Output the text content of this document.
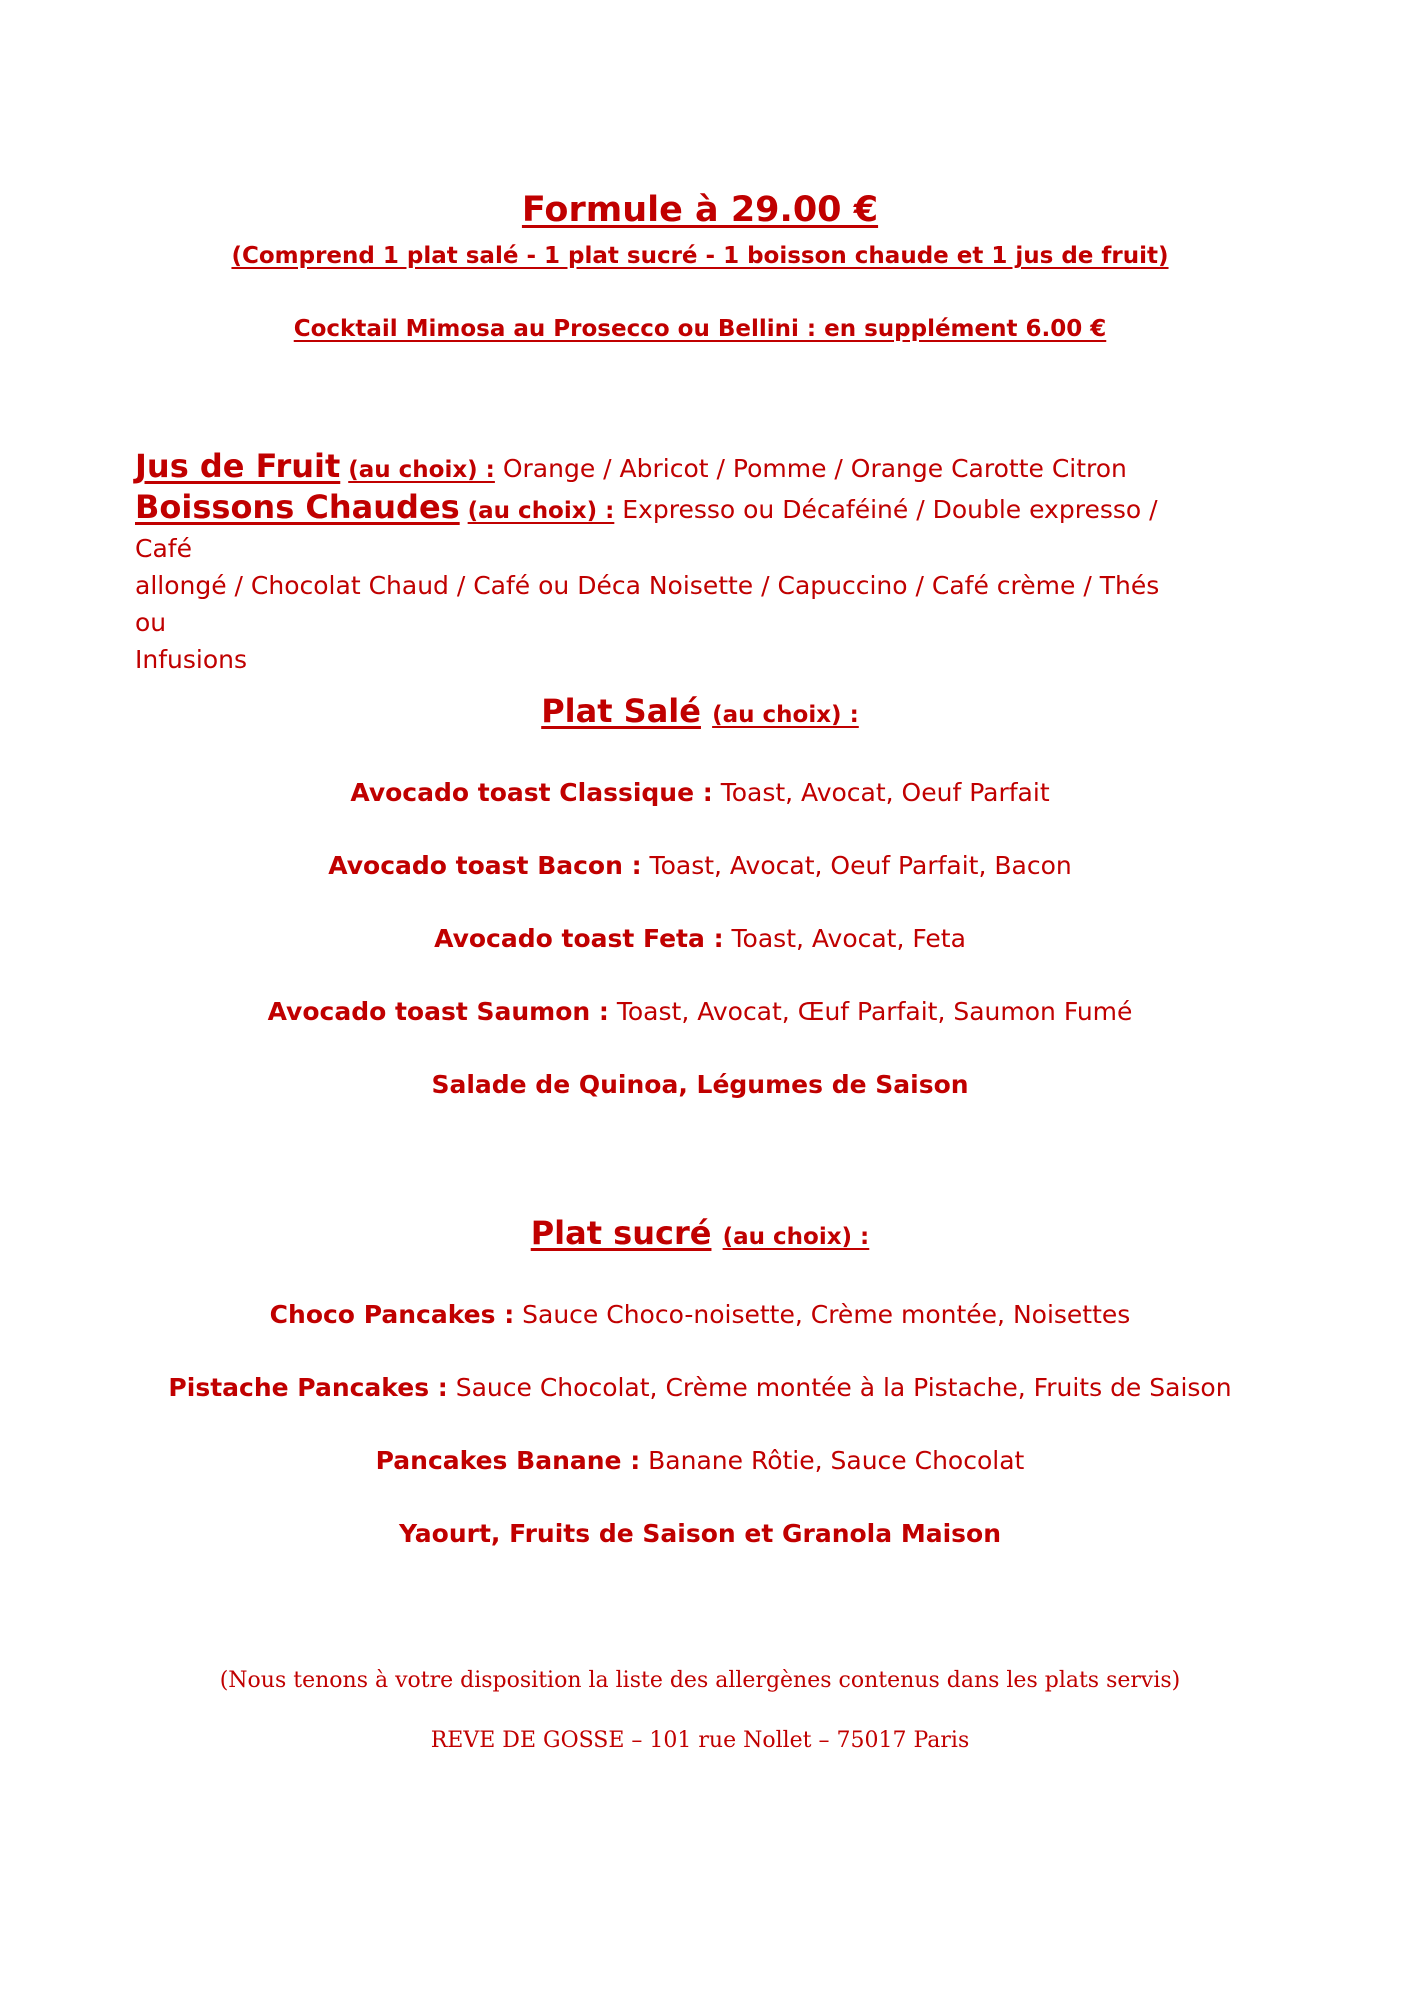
Formule à 29.00 €
(Comprend 1 plat salé - 1 plat sucré - 1 boisson chaude et 1 jus de fruit)
Cocktail Mimosa au Prosecco ou Bellini : en supplément 6.00 €
Jus de Fruit (au choix) : Orange / Abricot / Pomme / Orange Carotte Citron
Boissons Chaudes (au choix) : Expresso ou Décaféiné / Double expresso / Café
allongé / Chocolat Chaud / Café ou Déca Noisette / Capuccino / Café crème / Thés ou
Infusions
Plat Salé (au choix) :
Avocado toast Classique : Toast, Avocat, Oeuf Parfait
Avocado toast Bacon : Toast, Avocat, Oeuf Parfait, Bacon
Avocado toast Feta : Toast, Avocat, Feta
Avocado toast Saumon : Toast, Avocat, Œuf Parfait, Saumon Fumé
Salade de Quinoa, Légumes de Saison
Plat sucré (au choix) :
Choco Pancakes : Sauce Choco-noisette, Crème montée, Noisettes
Pistache Pancakes : Sauce Chocolat, Crème montée à la Pistache, Fruits de Saison
Pancakes Banane : Banane Rôtie, Sauce Chocolat
Yaourt, Fruits de Saison et Granola Maison
(Nous tenons à votre disposition la liste des allergènes contenus dans les plats servis)
REVE DE GOSSE – 101 rue Nollet – 75017 Paris
